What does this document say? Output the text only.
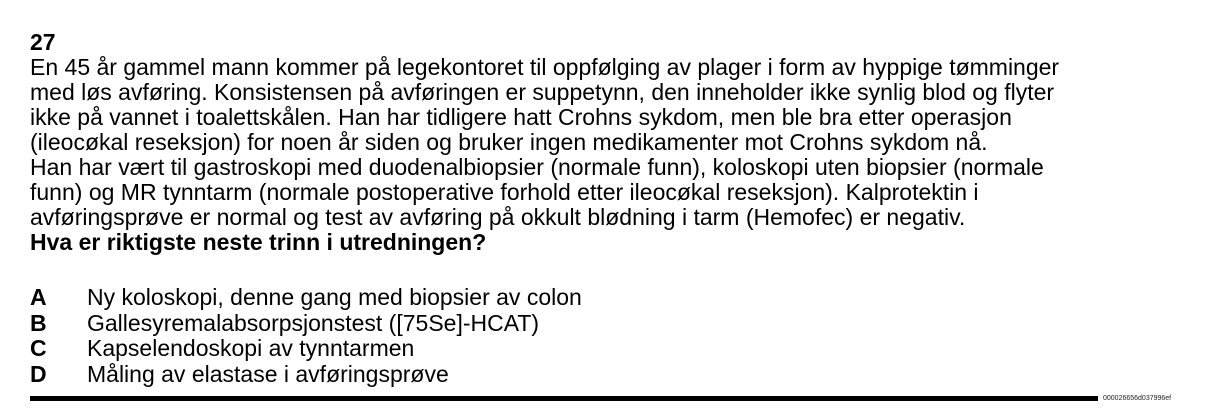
27
En 45 år gammel mann kommer på legekontoret til oppfølging av plager i form av hyppige tømminger
med løs avføring. Konsistensen på avføringen er suppetynn, den inneholder ikke synlig blod og flyter
ikke på vannet i toalettskålen. Han har tidligere hatt Crohns sykdom, men ble bra etter operasjon
(ileocøkal reseksjon) for noen år siden og bruker ingen medikamenter mot Crohns sykdom nå.
Han har vært til gastroskopi med duodenalbiopsier (normale funn), koloskopi uten biopsier (normale
funn) og MR tynntarm (normale postoperative forhold etter ileocøkal reseksjon). Kalprotektin i
avføringsprøve er normal og test av avføring på okkult blødning i tarm (Hemofec) er negativ.
Hva er riktigste neste trinn i utredningen?
A	Ny koloskopi, denne gang med biopsier av colon
B	Gallesyremalabsorpsjonstest ([75Se]-HCAT)
C	Kapselendoskopi av tynntarmen
D	Måling av elastase i avføringsprøve
000026656d037996ef
